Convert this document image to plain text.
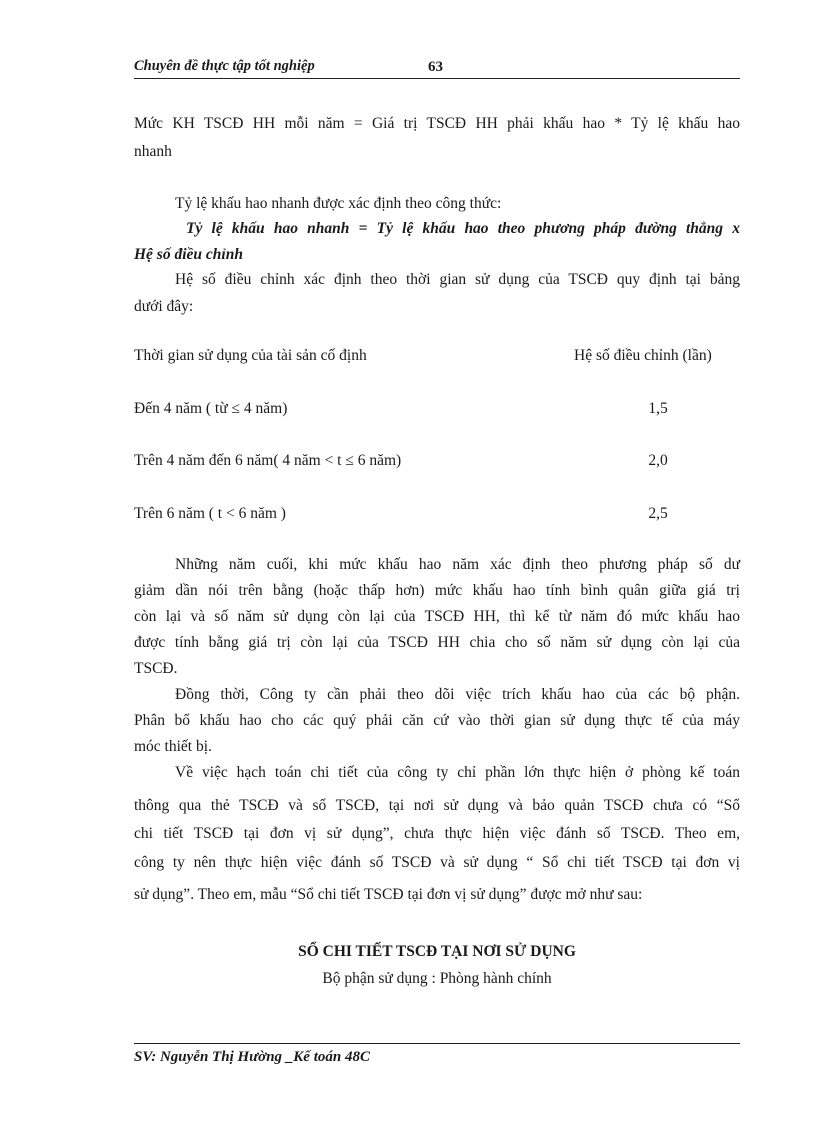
Chuyên đề thực tập tốt nghiệp	63
Mức KH TSCĐ HH mỗi năm = Giá trị TSCĐ HH phải khấu hao * Tỷ lệ khấu hao
nhanh
Tỷ lệ khấu hao nhanh được xác định theo công thức:
Tỷ lệ khấu hao nhanh = Tỷ lệ khấu hao theo phương pháp đường thẳng x
Hệ số điều chỉnh
Hệ số điều chỉnh xác định theo thời gian sử dụng của TSCĐ quy định tại bảng
dưới đây:
Thời gian sử dụng của tài sản cố định	Hệ số điều chỉnh (lần)
Đến 4 năm ( từ ≤ 4 năm)	1,5
Trên 4 năm đến 6 năm( 4 năm < t ≤ 6 năm)	2,0
Trên 6 năm ( t < 6 năm )	2,5
Những năm cuối, khi mức khấu hao năm xác định theo phương pháp số dư
giảm dần nói trên bằng (hoặc thấp hơn) mức khấu hao tính bình quân giữa giá trị
còn lại và số năm sử dụng còn lại của TSCĐ HH, thì kể từ năm đó mức khấu hao
được tính bằng giá trị còn lại của TSCĐ HH chia cho số năm sử dụng còn lại của
TSCĐ.
Đồng thời, Công ty cần phải theo dõi việc trích khấu hao của các bộ phận.
Phân bổ khấu hao cho các quý phải căn cứ vào thời gian sử dụng thực tế của máy
móc thiết bị.
Về việc hạch toán chi tiết của công ty chỉ phần lớn thực hiện ở phòng kế toán
thông qua thẻ TSCĐ và sổ TSCĐ, tại nơi sử dụng và bảo quản TSCĐ chưa có “Sổ
chi tiết TSCĐ tại đơn vị sử dụng”, chưa thực hiện việc đánh số TSCĐ. Theo em,
công ty nên thực hiện việc đánh số TSCĐ và sử dụng “ Sổ chi tiết TSCĐ tại đơn vị
sử dụng”. Theo em, mẫu “Sổ chi tiết TSCĐ tại đơn vị sử dụng” được mở như sau:
SỔ CHI TIẾT TSCĐ TẠI NƠI SỬ DỤNG
Bộ phận sử dụng : Phòng hành chính
SV: Nguyễn Thị Hường _Kế toán 48C
